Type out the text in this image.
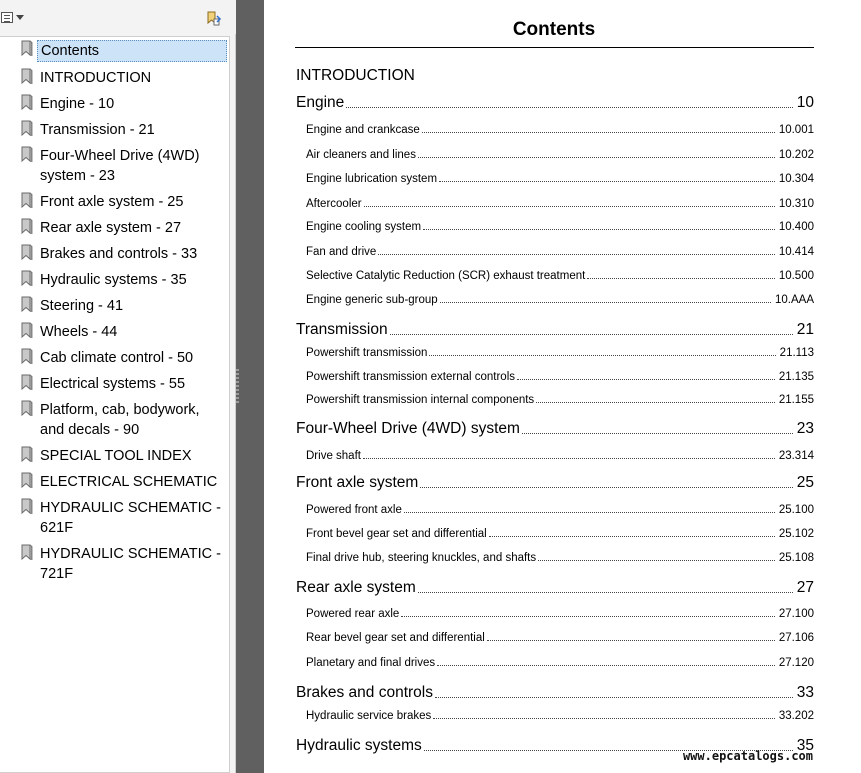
Contents
INTRODUCTION
Engine - 10
Transmission - 21
Four-Wheel Drive (4WD) system - 23
Front axle system - 25
Rear axle system - 27
Brakes and controls - 33
Hydraulic systems - 35
Steering - 41
Wheels - 44
Cab climate control - 50
Electrical systems - 55
Platform, cab, bodywork, and decals - 90
SPECIAL TOOL INDEX
ELECTRICAL SCHEMATIC
HYDRAULIC SCHEMATIC - 621F
HYDRAULIC SCHEMATIC - 721F
Contents
INTRODUCTION
Engine	10
Engine and crankcase	10.001
Air cleaners and lines	10.202
Engine lubrication system	10.304
Aftercooler	10.310
Engine cooling system	10.400
Fan and drive	10.414
Selective Catalytic Reduction (SCR) exhaust treatment	10.500
Engine generic sub-group	10.AAA
Transmission	21
Powershift transmission	21.113
Powershift transmission external controls	21.135
Powershift transmission internal components	21.155
Four-Wheel Drive (4WD) system	23
Drive shaft	23.314
Front axle system	25
Powered front axle	25.100
Front bevel gear set and differential	25.102
Final drive hub, steering knuckles, and shafts	25.108
Rear axle system	27
Powered rear axle	27.100
Rear bevel gear set and differential	27.106
Planetary and final drives	27.120
Brakes and controls	33
Hydraulic service brakes	33.202
Hydraulic systems	35
www.epcatalogs.com
